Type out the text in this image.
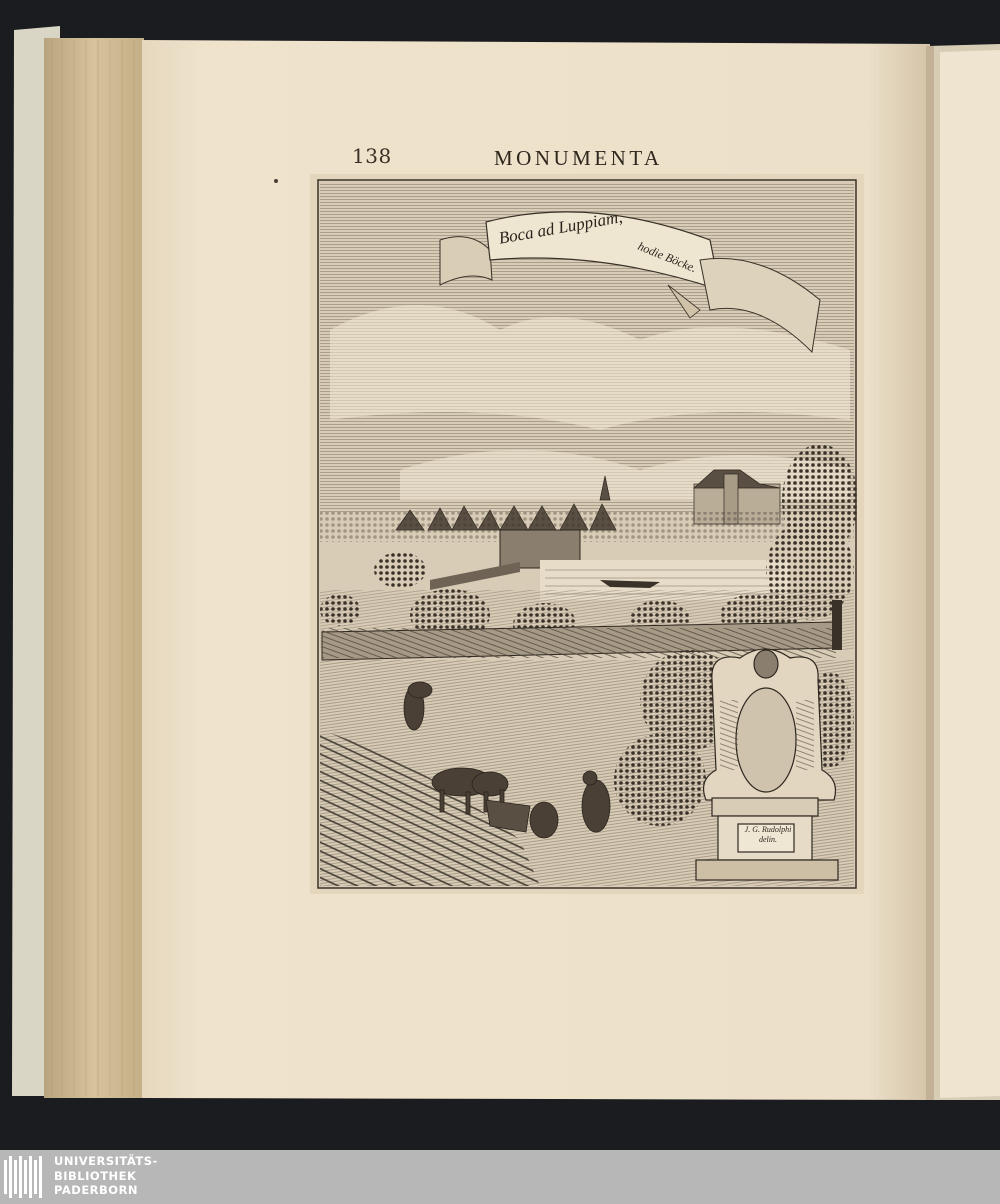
138	MONUMENTA
Boca ad Luppiam,
hodie Böcke.
J. G. Rudolphi
delin.
UNIVERSITÄTS-
BIBLIOTHEK
PADERBORN
